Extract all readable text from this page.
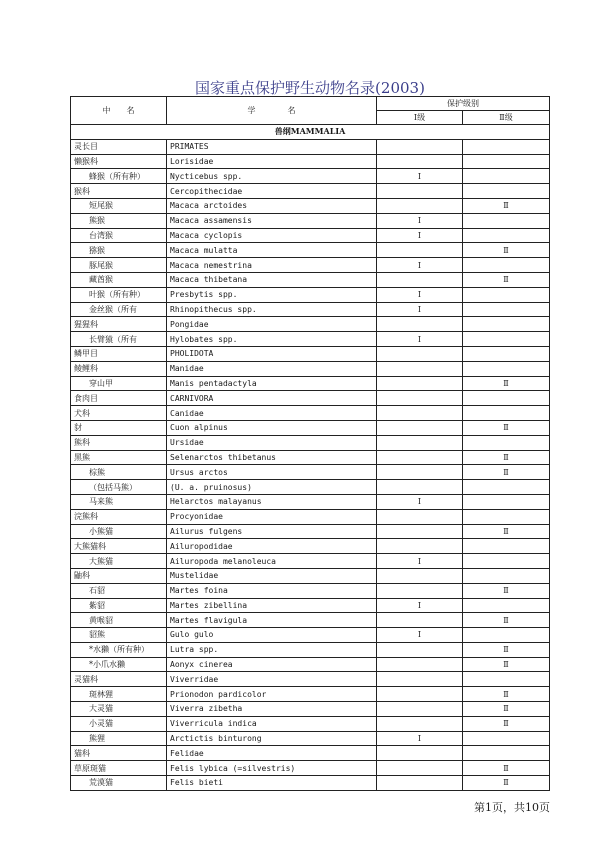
国家重点保护野生动物名录(2003)
中　　名	学　　　　名	保护级别	
		Ⅰ级	Ⅱ级
兽纲MAMMALIA			
灵长目	PRIMATES		
懒猴科	Lorisidae		
蜂猴（所有种）	Nycticebus spp.	Ⅰ	
猴科	Cercopithecidae		
短尾猴	Macaca arctoides		Ⅱ
熊猴	Macaca assamensis	Ⅰ	
台湾猴	Macaca cyclopis	Ⅰ	
猕猴	Macaca mulatta		Ⅱ
豚尾猴	Macaca nemestrina	Ⅰ	
藏酋猴	Macaca thibetana		Ⅱ
叶猴（所有种）	Presbytis spp.	Ⅰ	
金丝猴（所有	Rhinopithecus spp.	Ⅰ	
猩猩科	Pongidae		
长臂猿（所有	Hylobates spp.	Ⅰ	
鳞甲目	PHOLIDOTA		
鲮鲤科	Manidae		
穿山甲	Manis pentadactyla		Ⅱ
食肉目	CARNIVORA		
犬科	Canidae		
豺	Cuon alpinus		Ⅱ
熊科	Ursidae		
黑熊	Selenarctos thibetanus		Ⅱ
棕熊	Ursus arctos		Ⅱ
（包括马熊）	(U. a. pruinosus)		
马来熊	Helarctos malayanus	Ⅰ	
浣熊科	Procyonidae		
小熊猫	Ailurus fulgens		Ⅱ
大熊猫科	Ailuropodidae		
大熊猫	Ailuropoda melanoleuca	Ⅰ	
鼬科	Mustelidae		
石貂	Martes foina		Ⅱ
紫貂	Martes zibellina	Ⅰ	
黄喉貂	Martes flavigula		Ⅱ
貂熊	Gulo gulo	Ⅰ	
*水獭（所有种）	Lutra spp.		Ⅱ
*小爪水獭	Aonyx cinerea		Ⅱ
灵猫科	Viverridae		
斑林狸	Prionodon pardicolor		Ⅱ
大灵猫	Viverra zibetha		Ⅱ
小灵猫	Viverricula indica		Ⅱ
熊狸	Arctictis binturong	Ⅰ	
猫科	Felidae		
草原斑猫	Felis lybica (=silvestris)		Ⅱ
荒漠猫	Felis bieti		Ⅱ
第1页，共10页
